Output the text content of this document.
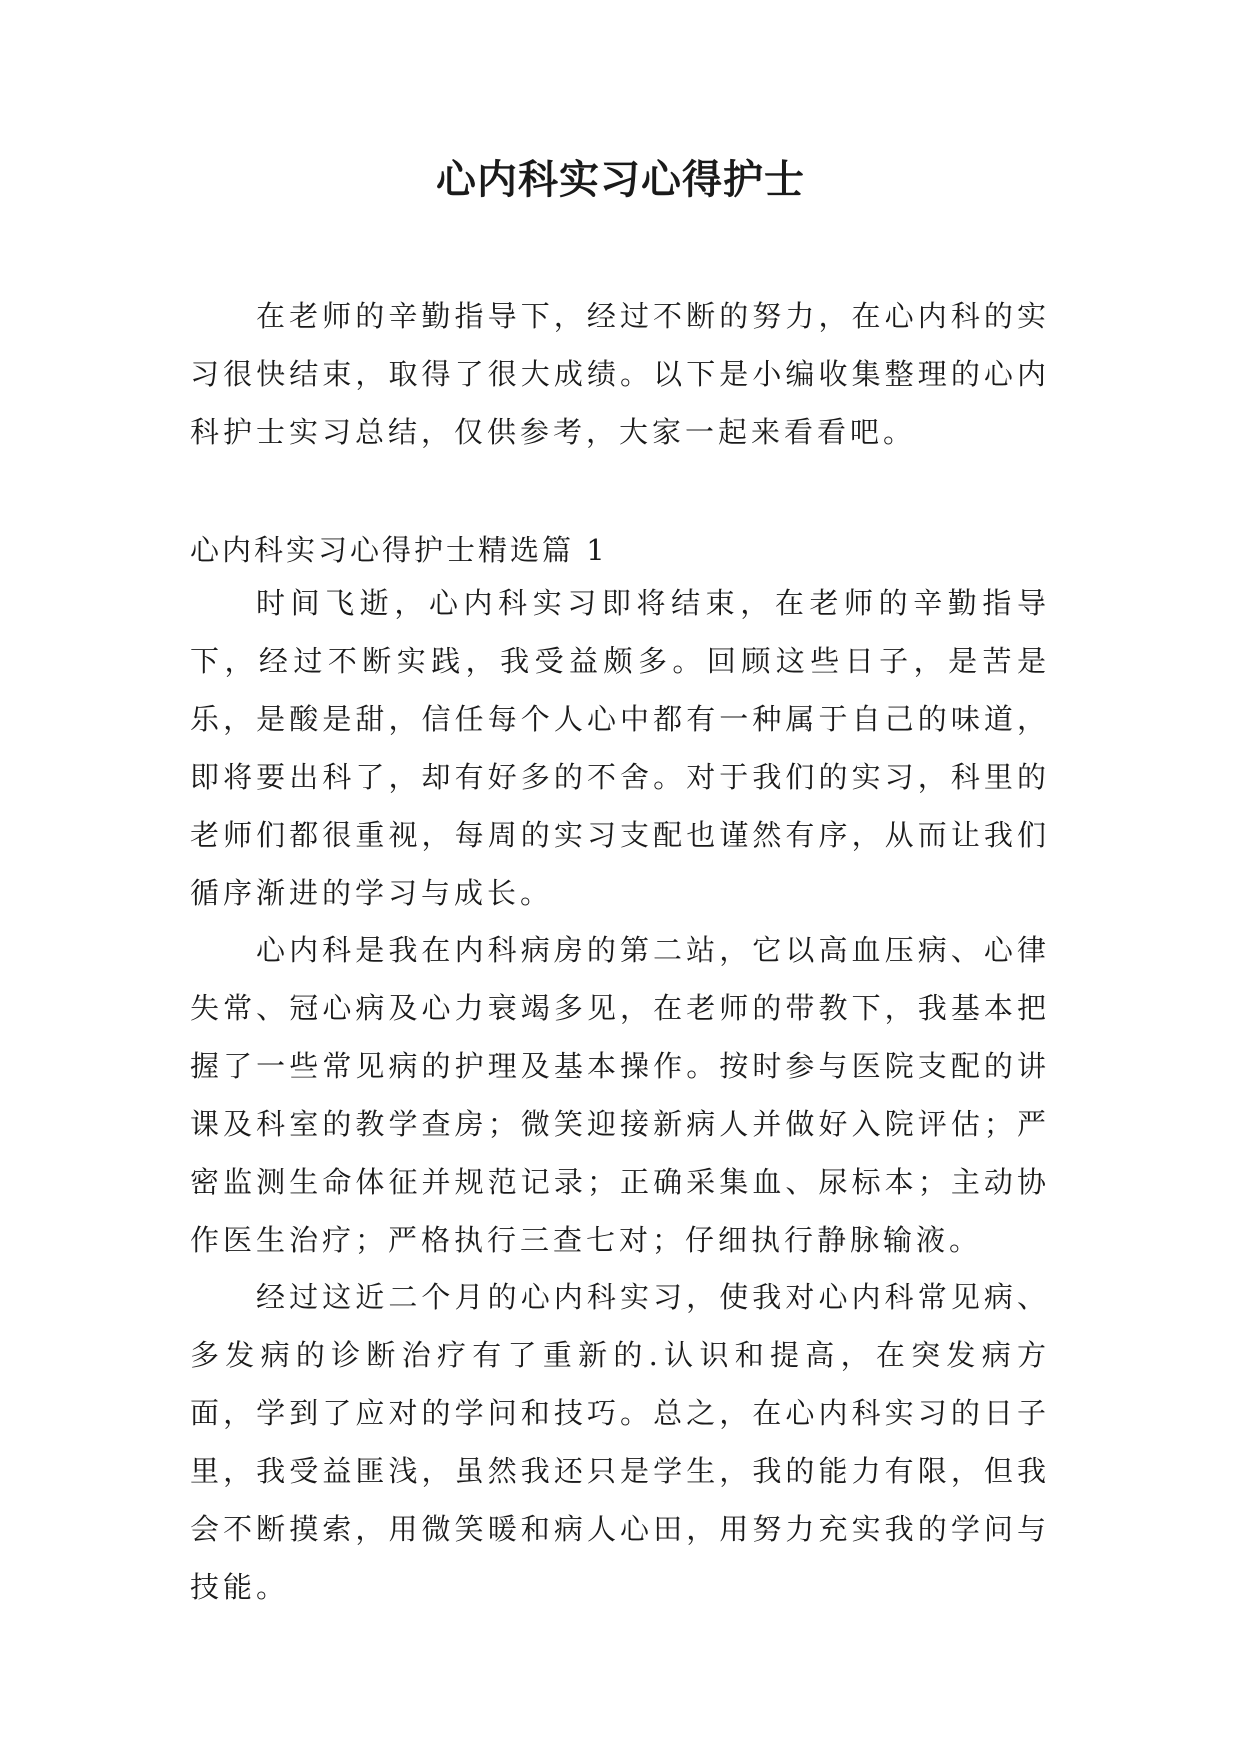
心内科实习心得护士

在老师的辛勤指导下，经过不断的努力，在心内科的实习很快结束，取得了很大成绩。以下是小编收集整理的心内科护士实习总结，仅供参考，大家一起来看看吧。

心内科实习心得护士精选篇 1

时间飞逝，心内科实习即将结束，在老师的辛勤指导下，经过不断实践，我受益颇多。回顾这些日子，是苦是乐，是酸是甜，信任每个人心中都有一种属于自己的味道，即将要出科了，却有好多的不舍。对于我们的实习，科里的老师们都很重视，每周的实习支配也谨然有序，从而让我们循序渐进的学习与成长。

心内科是我在内科病房的第二站，它以高血压病、心律失常、冠心病及心力衰竭多见，在老师的带教下，我基本把握了一些常见病的护理及基本操作。按时参与医院支配的讲课及科室的教学查房；微笑迎接新病人并做好入院评估；严密监测生命体征并规范记录；正确采集血、尿标本；主动协作医生治疗；严格执行三查七对；仔细执行静脉输液。

经过这近二个月的心内科实习，使我对心内科常见病、多发病的诊断治疗有了重新的.认识和提高，在突发病方面，学到了应对的学问和技巧。总之，在心内科实习的日子里，我受益匪浅，虽然我还只是学生，我的能力有限，但我会不断摸索，用微笑暖和病人心田，用努力充实我的学问与技能。
